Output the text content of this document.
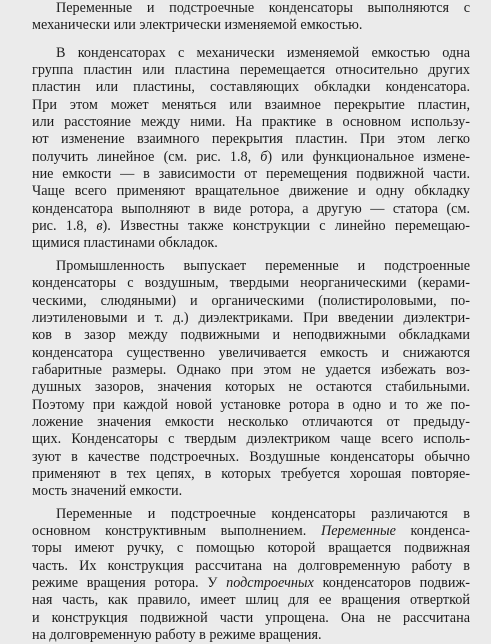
Переменные и подстроечные конденсаторы выполняются с
механически или электрически изменяемой емкостью.

В конденсаторах с механически изменяемой емкостью одна
группа пластин или пластина перемещается относительно других
пластин или пластины, составляющих обкладки конденсатора.
При этом может меняться или взаимное перекрытие пластин,
или расстояние между ними. На практике в основном использу-
ют изменение взаимного перекрытия пластин. При этом легко
получить линейное (см. рис. 1.8, б) или функциональное измене-
ние емкости — в зависимости от перемещения подвижной части.
Чаще всего применяют вращательное движение и одну обкладку
конденсатора выполняют в виде ротора, а другую — статора (см.
рис. 1.8, в). Известны также конструкции с линейно перемещаю-
щимися пластинами обкладок.

Промышленность выпускает переменные и подстроенные
конденсаторы с воздушным, твердыми неорганическими (керами-
ческими, слюдяными) и органическими (полистироловыми, по-
лиэтиленовыми и т. д.) диэлектриками. При введении диэлектри-
ков в зазор между подвижными и неподвижными обкладками
конденсатора существенно увеличивается емкость и снижаются
габаритные размеры. Однако при этом не удается избежать воз-
душных зазоров, значения которых не остаются стабильными.
Поэтому при каждой новой установке ротора в одно и то же по-
ложение значения емкости несколько отличаются от предыду-
щих. Конденсаторы с твердым диэлектриком чаще всего исполь-
зуют в качестве подстроечных. Воздушные конденсаторы обычно
применяют в тех цепях, в которых требуется хорошая повторяе-
мость значений емкости.

Переменные и подстроечные конденсаторы различаются в
основном конструктивным выполнением. Переменные конденса-
торы имеют ручку, с помощью которой вращается подвижная
часть. Их конструкция рассчитана на долговременную работу в
режиме вращения ротора. У подстроечных конденсаторов подвиж-
ная часть, как правило, имеет шлиц для ее вращения отверткой
и конструкция подвижной части упрощена. Она не рассчитана
на долговременную работу в режиме вращения.
